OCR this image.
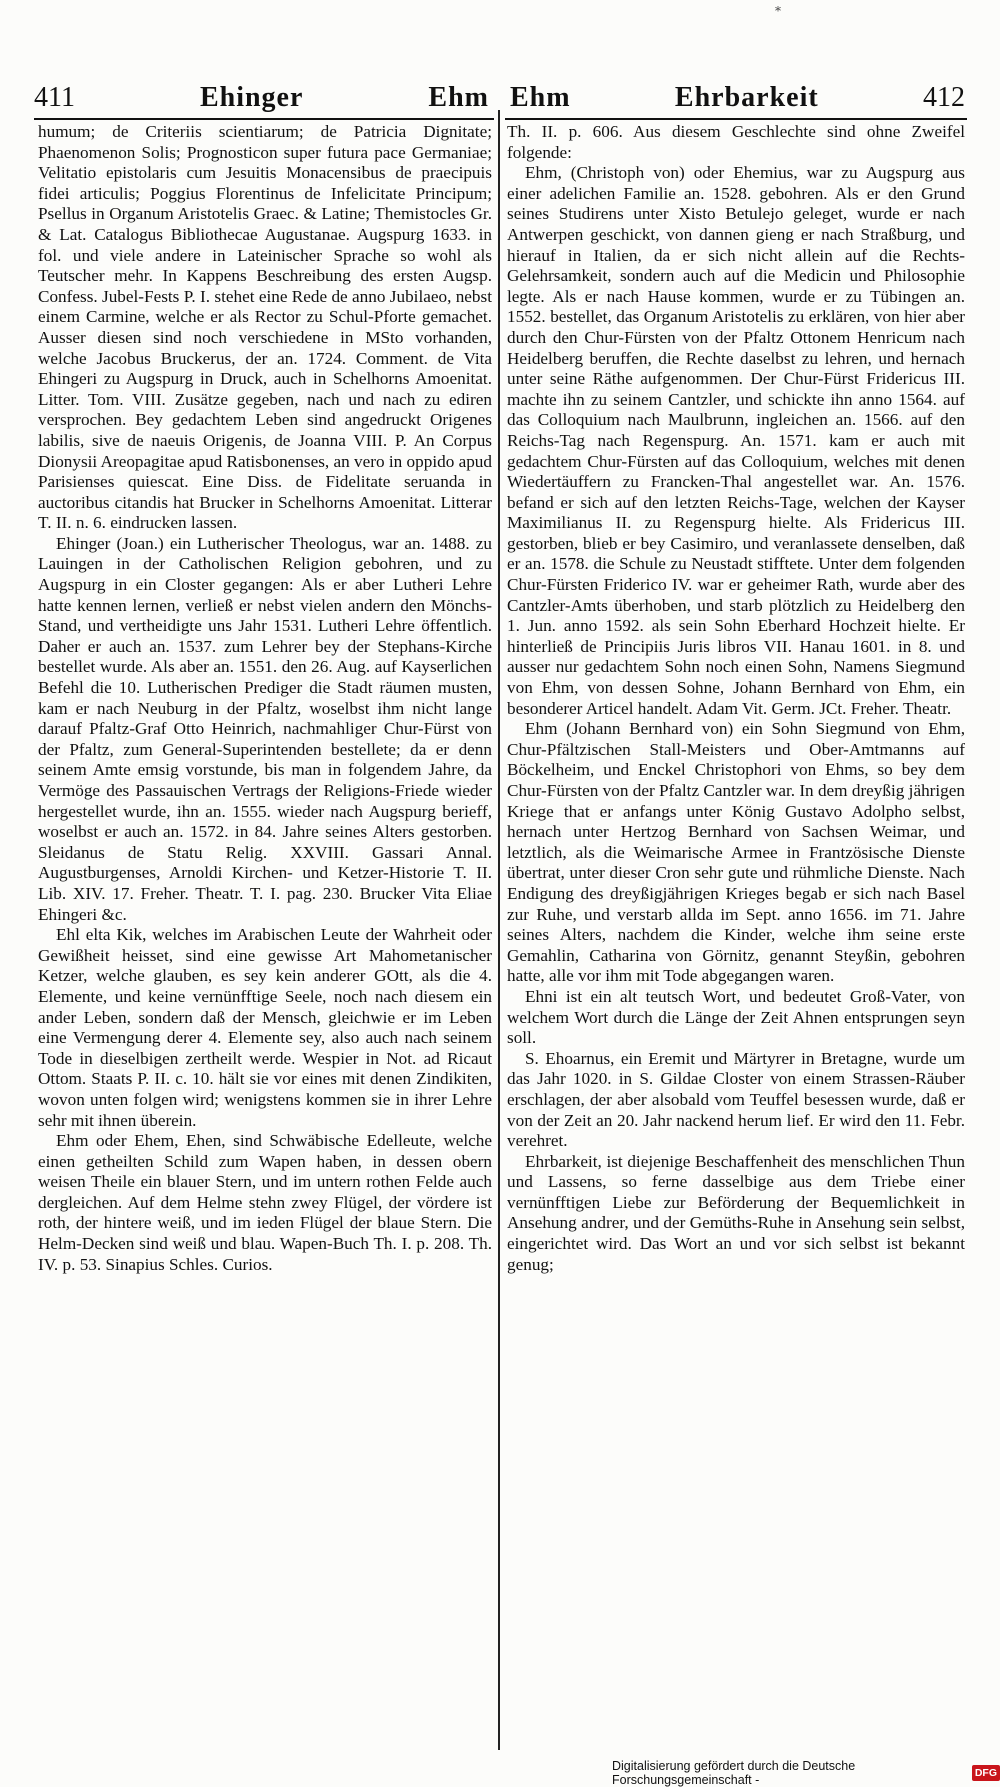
*
411	Ehinger	Ehm Ehm	Ehrbarkeit	412

humum; de Criteriis scientiarum; de Patricia Dignitate; Phaenomenon Solis; Prognosticon super futura pace Germaniae; Velitatio epistolaris cum Jesuitis Monacensibus de praecipuis fidei articulis; Poggius Florentinus de Infelicitate Principum; Psellus in Organum Aristotelis Graec. & Latine; Themistocles Gr. & Lat. Catalogus Bibliothecae Augustanae. Augspurg 1633. in fol. und viele andere in Lateinischer Sprache so wohl als Teutscher mehr. In Kappens Beschreibung des ersten Augsp. Confess. Jubel-Fests P. I. stehet eine Rede de anno Jubilaeo, nebst einem Carmine, welche er als Rector zu Schul-Pforte gemachet. Ausser diesen sind noch verschiedene in MSto vorhanden, welche Jacobus Bruckerus, der an. 1724. Comment. de Vita Ehingeri zu Augspurg in Druck, auch in Schelhorns Amoenitat. Litter. Tom. VIII. Zusätze gegeben, nach und nach zu ediren versprochen. Bey gedachtem Leben sind angedruckt Origenes labilis, sive de naeuis Origenis, de Joanna VIII. P. An Corpus Dionysii Areopagitae apud Ratisbonenses, an vero in oppido apud Parisienses quiescat. Eine Diss. de Fidelitate seruanda in auctoribus citandis hat Brucker in Schelhorns Amoenitat. Litterar T. II. n. 6. eindrucken lassen.

Ehinger (Joan.) ein Lutherischer Theologus, war an. 1488. zu Lauingen in der Catholischen Religion gebohren, und zu Augspurg in ein Closter gegangen: Als er aber Lutheri Lehre hatte kennen lernen, verließ er nebst vielen andern den Mönchs-Stand, und vertheidigte uns Jahr 1531. Lutheri Lehre öffentlich. Daher er auch an. 1537. zum Lehrer bey der Stephans-Kirche bestellet wurde. Als aber an. 1551. den 26. Aug. auf Kayserlichen Befehl die 10. Lutherischen Prediger die Stadt räumen musten, kam er nach Neuburg in der Pfaltz, woselbst ihm nicht lange darauf Pfaltz-Graf Otto Heinrich, nachmahliger Chur-Fürst von der Pfaltz, zum General-Superintenden bestellete; da er denn seinem Amte emsig vorstunde, bis man in folgendem Jahre, da Vermöge des Passauischen Vertrags der Religions-Friede wieder hergestellet wurde, ihn an. 1555. wieder nach Augspurg berieff, woselbst er auch an. 1572. in 84. Jahre seines Alters gestorben. Sleidanus de Statu Relig. XXVIII. Gassari Annal. Augustburgenses, Arnoldi Kirchen- und Ketzer-Historie T. II. Lib. XIV. 17. Freher. Theatr. T. I. pag. 230. Brucker Vita Eliae Ehingeri &c.

Ehl elta Kik, welches im Arabischen Leute der Wahrheit oder Gewißheit heisset, sind eine gewisse Art Mahometanischer Ketzer, welche glauben, es sey kein anderer GOtt, als die 4. Elemente, und keine vernünfftige Seele, noch nach diesem ein ander Leben, sondern daß der Mensch, gleichwie er im Leben eine Vermengung derer 4. Elemente sey, also auch nach seinem Tode in dieselbigen zertheilt werde. Wespier in Not. ad Ricaut Ottom. Staats P. II. c. 10. hält sie vor eines mit denen Zindikiten, wovon unten folgen wird; wenigstens kommen sie in ihrer Lehre sehr mit ihnen überein.

Ehm oder Ehem, Ehen, sind Schwäbische Edelleute, welche einen getheilten Schild zum Wapen haben, in dessen obern weisen Theile ein blauer Stern, und im untern rothen Felde auch dergleichen. Auf dem Helme stehn zwey Flügel, der vördere ist roth, der hintere weiß, und im ieden Flügel der blaue Stern. Die Helm-Decken sind weiß und blau. Wapen-Buch Th. I. p. 208. Th. IV. p. 53. Sinapius Schles. Curios.

Th. II. p. 606. Aus diesem Geschlechte sind ohne Zweifel folgende:

Ehm, (Christoph von) oder Ehemius, war zu Augspurg aus einer adelichen Familie an. 1528. gebohren. Als er den Grund seines Studirens unter Xisto Betulejo geleget, wurde er nach Antwerpen geschickt, von dannen gieng er nach Straßburg, und hierauf in Italien, da er sich nicht allein auf die Rechts-Gelehrsamkeit, sondern auch auf die Medicin und Philosophie legte. Als er nach Hause kommen, wurde er zu Tübingen an. 1552. bestellet, das Organum Aristotelis zu erklären, von hier aber durch den Chur-Fürsten von der Pfaltz Ottonem Henricum nach Heidelberg beruffen, die Rechte daselbst zu lehren, und hernach unter seine Räthe aufgenommen. Der Chur-Fürst Fridericus III. machte ihn zu seinem Cantzler, und schickte ihn anno 1564. auf das Colloquium nach Maulbrunn, ingleichen an. 1566. auf den Reichs-Tag nach Regenspurg. An. 1571. kam er auch mit gedachtem Chur-Fürsten auf das Colloquium, welches mit denen Wiedertäuffern zu Francken-Thal angestellet war. An. 1576. befand er sich auf den letzten Reichs-Tage, welchen der Kayser Maximilianus II. zu Regenspurg hielte. Als Fridericus III. gestorben, blieb er bey Casimiro, und veranlassete denselben, daß er an. 1578. die Schule zu Neustadt stifftete. Unter dem folgenden Chur-Fürsten Friderico IV. war er geheimer Rath, wurde aber des Cantzler-Amts überhoben, und starb plötzlich zu Heidelberg den 1. Jun. anno 1592. als sein Sohn Eberhard Hochzeit hielte. Er hinterließ de Principiis Juris libros VII. Hanau 1601. in 8. und ausser nur gedachtem Sohn noch einen Sohn, Namens Siegmund von Ehm, von dessen Sohne, Johann Bernhard von Ehm, ein besonderer Articel handelt. Adam Vit. Germ. JCt. Freher. Theatr.

Ehm (Johann Bernhard von) ein Sohn Siegmund von Ehm, Chur-Pfältzischen Stall-Meisters und Ober-Amtmanns auf Böckelheim, und Enckel Christophori von Ehms, so bey dem Chur-Fürsten von der Pfaltz Cantzler war. In dem dreyßig jährigen Kriege that er anfangs unter König Gustavo Adolpho selbst, hernach unter Hertzog Bernhard von Sachsen Weimar, und letztlich, als die Weimarische Armee in Frantzösische Dienste übertrat, unter dieser Cron sehr gute und rühmliche Dienste. Nach Endigung des dreyßigjährigen Krieges begab er sich nach Basel zur Ruhe, und verstarb allda im Sept. anno 1656. im 71. Jahre seines Alters, nachdem die Kinder, welche ihm seine erste Gemahlin, Catharina von Görnitz, genannt Steyßin, gebohren hatte, alle vor ihm mit Tode abgegangen waren.

Ehni ist ein alt teutsch Wort, und bedeutet Groß-Vater, von welchem Wort durch die Länge der Zeit Ahnen entsprungen seyn soll.

S. Ehoarnus, ein Eremit und Märtyrer in Bretagne, wurde um das Jahr 1020. in S. Gildae Closter von einem Strassen-Räuber erschlagen, der aber alsobald vom Teuffel besessen wurde, daß er von der Zeit an 20. Jahr nackend herum lief. Er wird den 11. Febr. verehret.

Ehrbarkeit, ist diejenige Beschaffenheit des menschlichen Thun und Lassens, so ferne dasselbige aus dem Triebe einer vernünfftigen Liebe zur Beförderung der Bequemlichkeit in Ansehung andrer, und der Gemüths-Ruhe in Ansehung sein selbst, eingerichtet wird. Das Wort an und vor sich selbst ist bekannt genug;

Digitalisierung gefördert durch die Deutsche Forschungsgemeinschaft -	DFG
